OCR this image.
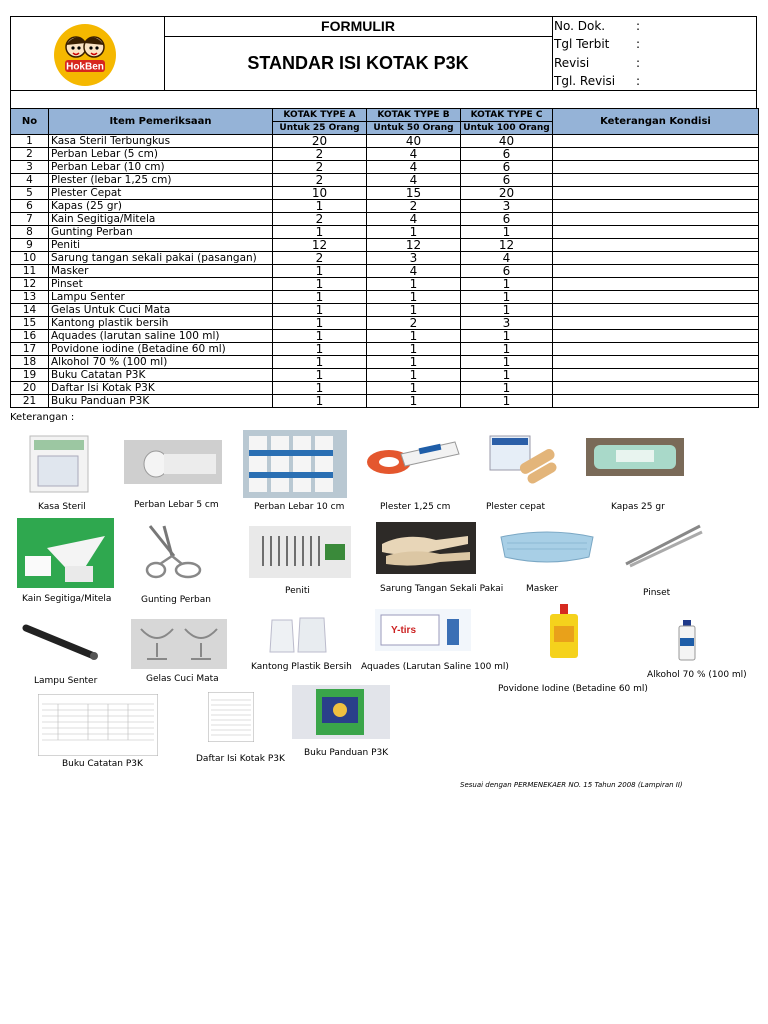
HokBen
FORMULIR
STANDAR ISI KOTAK P3K
No. Dok.	:
Tgl Terbit :
Revisi	:
Tgl. Revisi :
No	Item Pemeriksaan	KOTAK TYPE A	KOTAK TYPE B	KOTAK TYPE C	Keterangan Kondisi
		Untuk 25 Orang	Untuk 50 Orang	Untuk 100 Orang	
1	Kasa Steril Terbungkus	20	40	40	
2	Perban Lebar (5 cm)	2	4	6	
3	Perban Lebar (10 cm)	2	4	6	
4	Plester (lebar 1,25 cm)	2	4	6	
5	Plester Cepat	10	15	20	
6	Kapas (25 gr)	1	2	3	
7	Kain Segitiga/Mitela	2	4	6	
8	Gunting Perban	1	1	1	
9	Peniti	12	12	12	
10	Sarung tangan sekali pakai (pasangan)	2	3	4	
11	Masker	1	4	6	
12	Pinset	1	1	1	
13	Lampu Senter	1	1	1	
14	Gelas Untuk Cuci Mata	1	1	1	
15	Kantong plastik bersih	1	2	3	
16	Aquades (larutan saline 100 ml)	1	1	1	
17	Povidone iodine (Betadine 60 ml)	1	1	1	
18	Alkohol 70 % (100 ml)	1	1	1	
19	Buku Catatan P3K	1	1	1	
20	Daftar Isi Kotak P3K	1	1	1	
21	Buku Panduan P3K	1	1	1	
Keterangan :
Kasa Steril	Perban Lebar 5 cm	Perban Lebar 10 cm	Plester 1,25 cm	Plester cepat	Kapas 25 gr
Kain Segitiga/Mitela	Gunting Perban
Peniti	Sarung Tangan Sekali Pakai	Masker	Pinset
Lampu Senter	Gelas Cuci Mata
Kantong Plastik Bersih
Y-tirs
Aquades (Larutan Saline 100 ml)
Povidone Iodine (Betadine 60 ml)
Alkohol 70 % (100 ml)
Buku Catatan P3K	Daftar Isi Kotak P3K
Buku Panduan P3K
Sesuai dengan PERMENEKAER NO. 15 Tahun 2008 (Lampiran II)
